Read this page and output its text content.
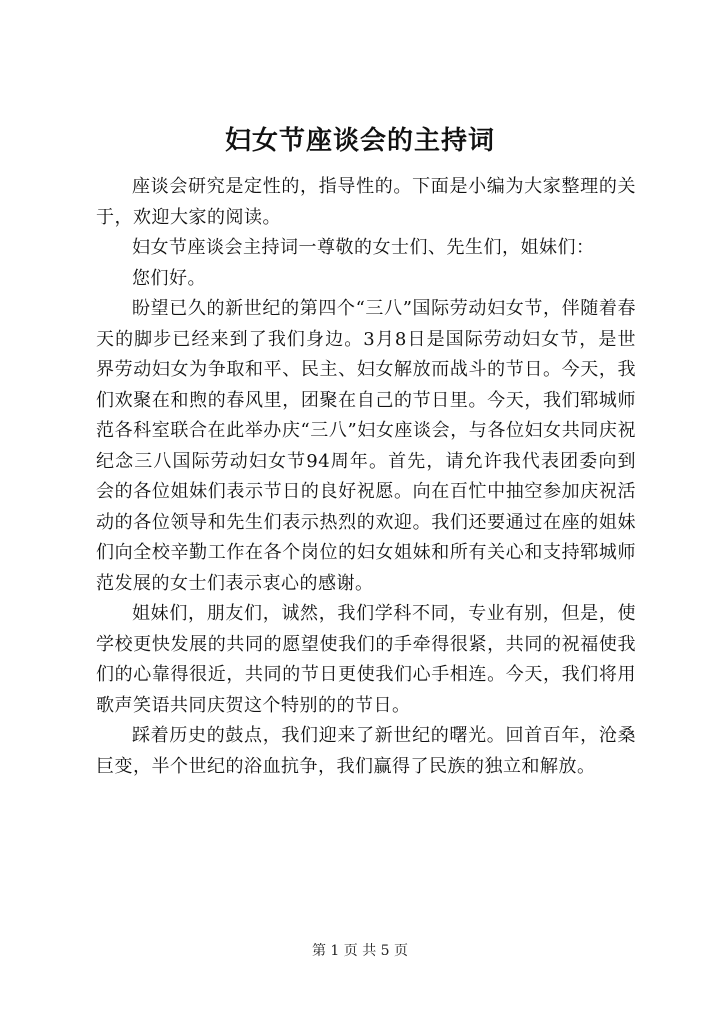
妇女节座谈会的主持词

座谈会研究是定性的，指导性的。下面是小编为大家整理的关于，欢迎大家的阅读。

妇女节座谈会主持词一尊敬的女士们、先生们，姐妹们：

您们好。

盼望已久的新世纪的第四个“三八”国际劳动妇女节，伴随着春天的脚步已经来到了我们身边。3月8日是国际劳动妇女节，是世界劳动妇女为争取和平、民主、妇女解放而战斗的节日。今天，我们欢聚在和煦的春风里，团聚在自己的节日里。今天，我们郓城师范各科室联合在此举办庆“三八”妇女座谈会，与各位妇女共同庆祝纪念三八国际劳动妇女节94周年。首先，请允许我代表团委向到会的各位姐妹们表示节日的良好祝愿。向在百忙中抽空参加庆祝活动的各位领导和先生们表示热烈的欢迎。我们还要通过在座的姐妹们向全校辛勤工作在各个岗位的妇女姐妹和所有关心和支持郓城师范发展的女士们表示衷心的感谢。

姐妹们，朋友们，诚然，我们学科不同，专业有别，但是，使学校更快发展的共同的愿望使我们的手牵得很紧，共同的祝福使我们的心靠得很近，共同的节日更使我们心手相连。今天，我们将用歌声笑语共同庆贺这个特别的的节日。

踩着历史的鼓点，我们迎来了新世纪的曙光。回首百年，沧桑巨变，半个世纪的浴血抗争，我们赢得了民族的独立和解放。

第 1 页 共 5 页
